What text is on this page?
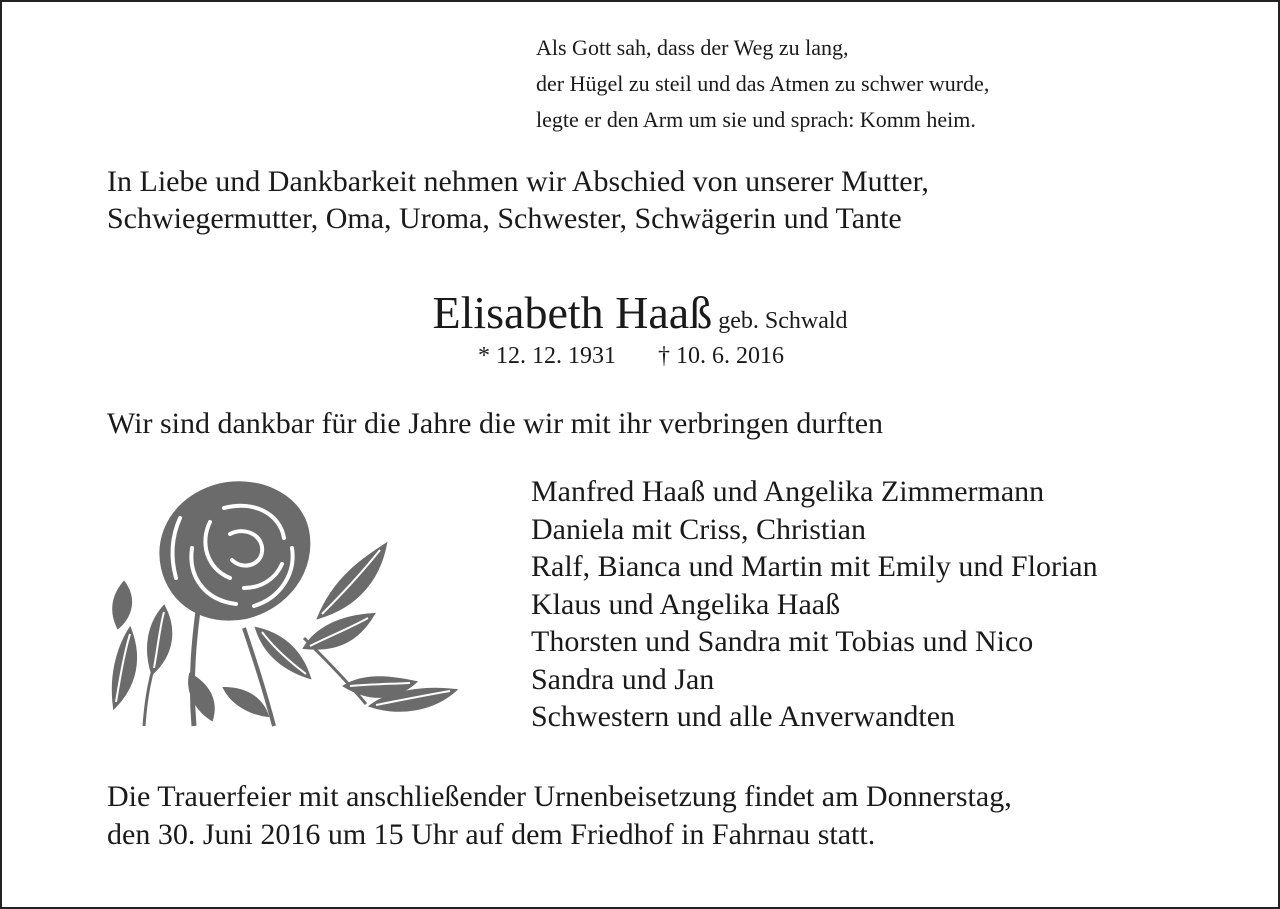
Als Gott sah, dass der Weg zu lang,
der Hügel zu steil und das Atmen zu schwer wurde,
legte er den Arm um sie und sprach: Komm heim.
In Liebe und Dankbarkeit nehmen wir Abschied von unserer Mutter,
Schwiegermutter, Oma, Uroma, Schwester, Schwägerin und Tante
Elisabeth Haaß geb. Schwald
* 12. 12. 1931 † 10. 6. 2016
Wir sind dankbar für die Jahre die wir mit ihr verbringen durften
Manfred Haaß und Angelika Zimmermann
Daniela mit Criss, Christian
Ralf, Bianca und Martin mit Emily und Florian
Klaus und Angelika Haaß
Thorsten und Sandra mit Tobias und Nico
Sandra und Jan
Schwestern und alle Anverwandten
Die Trauerfeier mit anschließender Urnenbeisetzung findet am Donnerstag,
den 30. Juni 2016 um 15 Uhr auf dem Friedhof in Fahrnau statt.
